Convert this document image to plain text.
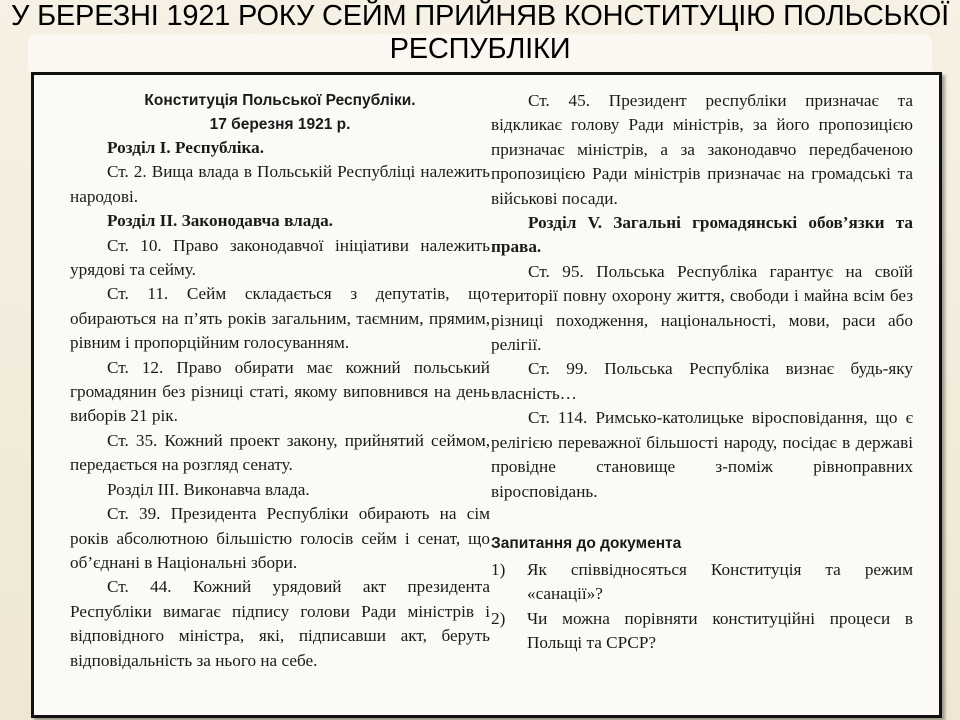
У БЕРЕЗНІ 1921 РОКУ СЕЙМ ПРИЙНЯВ КОНСТИТУЦІЮ ПОЛЬСЬКОЇ
РЕСПУБЛІКИ

Конституція Польської Республіки.
17 березня 1921 р.

Розділ I. Республіка.

Ст. 2. Вища влада в Польській Республіці належить народові.

Розділ II. Законодавча влада.

Ст. 10. Право законодавчої ініціативи належить урядові та сейму.

Ст. 11. Сейм складається з депутатів, що обираються на п’ять років загальним, таємним, прямим, рівним і пропорційним голосуванням.

Ст. 12. Право обирати має кожний польський громадянин без різниці статі, якому виповнився на день виборів 21 рік.

Ст. 35. Кожний проект закону, прийнятий сеймом, передається на розгляд сенату.

Розділ III. Виконавча влада.

Ст. 39. Президента Республіки обирають на сім років абсолютною більшістю голосів сейм і сенат, що об’єднані в Національні збори.

Ст. 44. Кожний урядовий акт президента Республіки вимагає підпису голови Ради міністрів і відповідного міністра, які, підписавши акт, беруть відповідальність за нього на себе.

Ст. 45. Президент республіки призначає та відкликає голову Ради міністрів, за його пропозицією призначає міністрів, а за законодавчо передбаченою пропозицією Ради міністрів призначає на громадські та військові посади.

Розділ V. Загальні громадянські обов’язки та права.

Ст. 95. Польська Республіка гарантує на своїй території повну охорону життя, свободи і майна всім без різниці походження, національності, мови, раси або релігії.

Ст. 99. Польська Республіка визнає будь-яку власність…

Ст. 114. Римсько-католицьке віросповідання, що є релігією переважної більшості народу, посідає в державі провідне становище з-поміж рівноправних віросповідань.

Запитання до документа

1)	Як співвідносяться Конституція та режим «санації»?
2)	Чи можна порівняти конституційні процеси в Польщі та СРСР?
